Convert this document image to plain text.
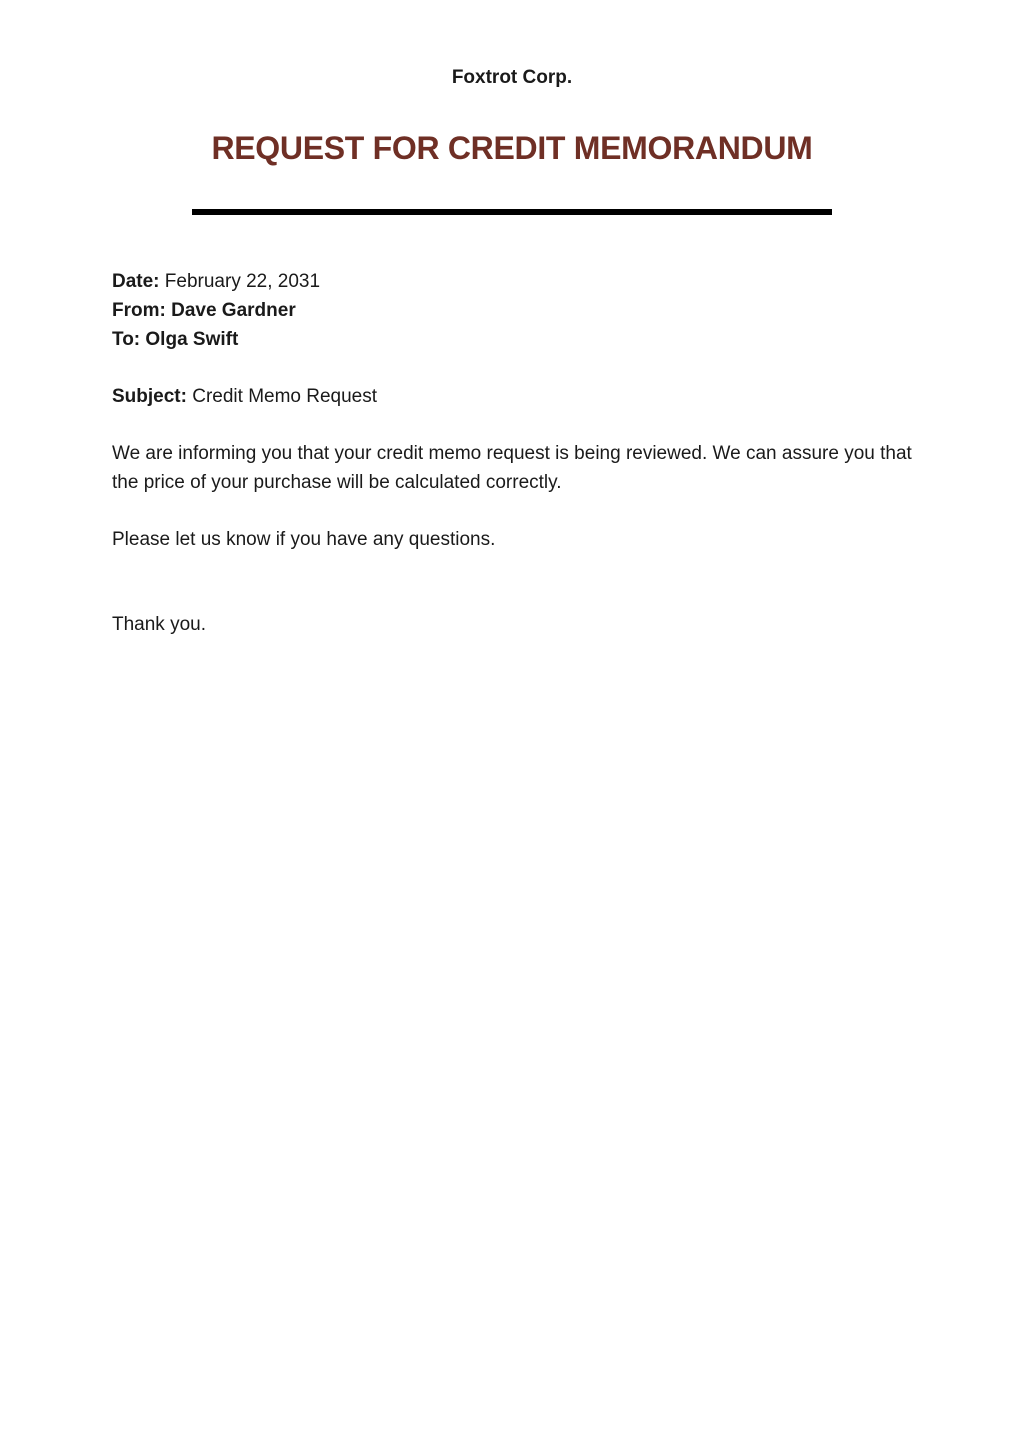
Foxtrot Corp.
REQUEST FOR CREDIT MEMORANDUM
Date: February 22, 2031
From: Dave Gardner
To: Olga Swift
Subject: Credit Memo Request

We are informing you that your credit memo request is being reviewed. We can assure you that the price of your purchase will be calculated correctly.

Please let us know if you have any questions.

Thank you.
